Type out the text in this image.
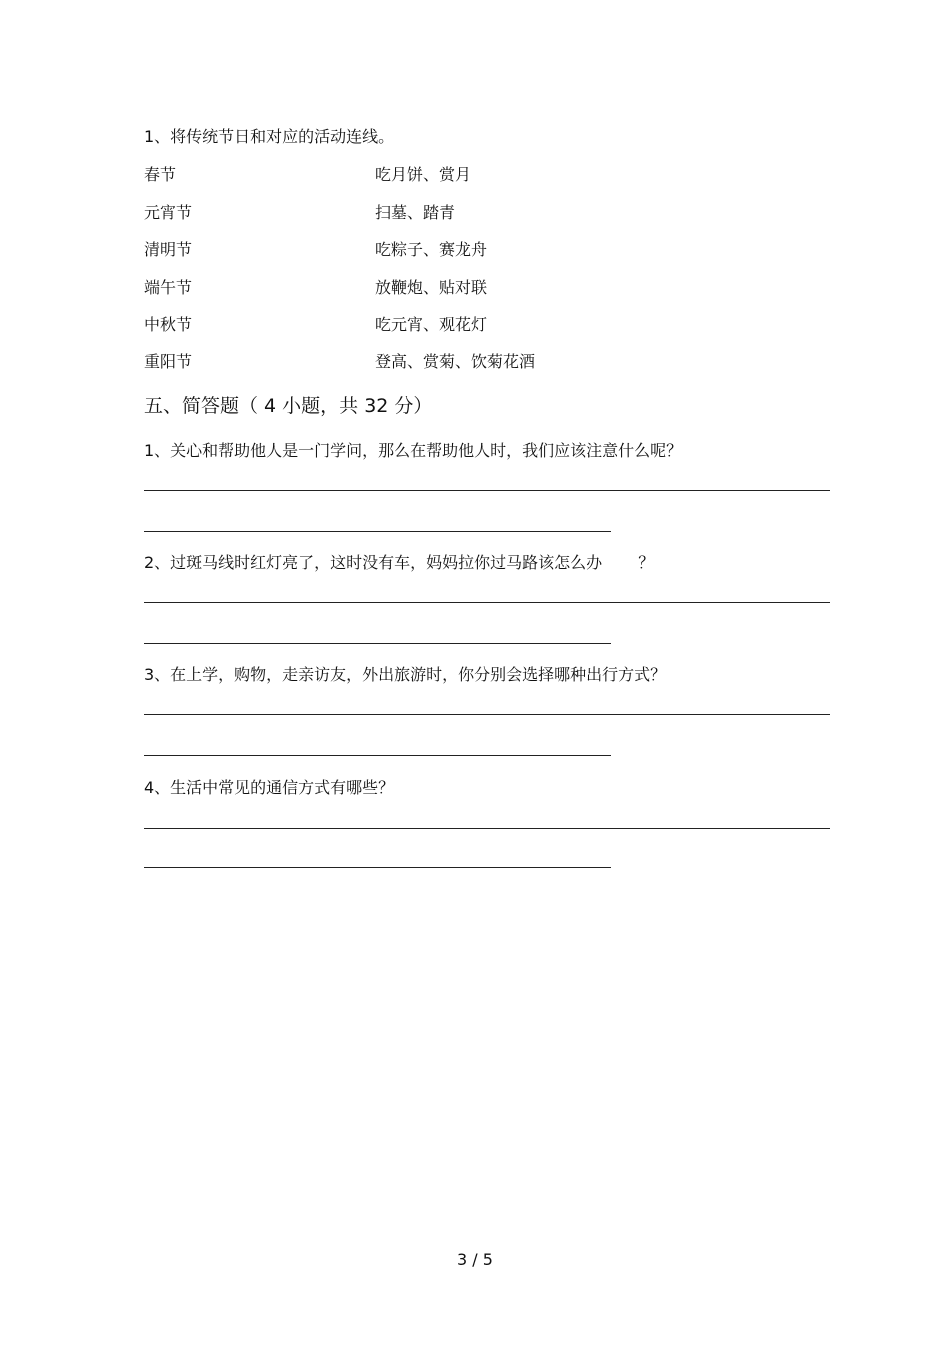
1、将传统节日和对应的活动连线。
春节	吃月饼、赏月
元宵节	扫墓、踏青
清明节	吃粽子、赛龙舟
端午节	放鞭炮、贴对联
中秋节	吃元宵、观花灯
重阳节	登高、赏菊、饮菊花酒
五、简答题（ 4 小题，共 32 分）
1、关心和帮助他人是一门学问，那么在帮助他人时，我们应该注意什么呢？
2、过斑马线时红灯亮了，这时没有车，妈妈拉你过马路该怎么办 ？
3、在上学，购物，走亲访友，外出旅游时，你分别会选择哪种出行方式？
4、生活中常见的通信方式有哪些？
3 / 5
